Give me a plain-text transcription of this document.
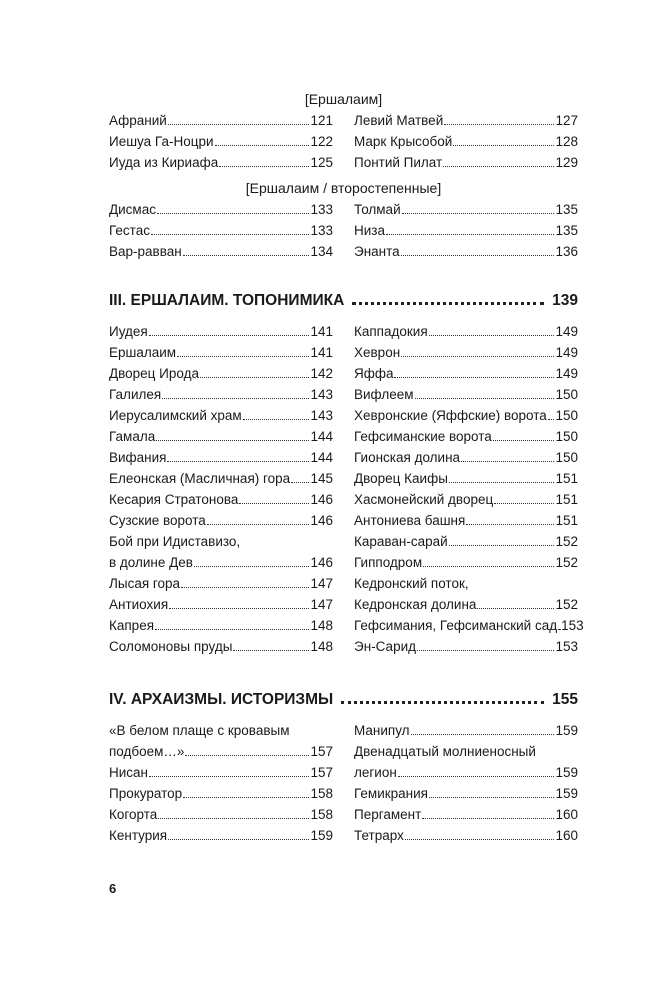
[Ершалаим]
Афраний	121
Иешуа Га-Ноцри	122
Иуда из Кириафа	125
Левий Матвей	127
Марк Крысобой	128
Понтий Пилат	129
[Ершалаим / второстепенные]
Дисмас	133
Гестас	133
Вар-равван	134
Толмай	135
Низа	135
Энанта	136
III. ЕРШАЛАИМ. ТОПОНИМИКА	139
Иудея	141
Ершалаим	141
Дворец Ирода	142
Галилея	143
Иерусалимский храм	143
Гамала	144
Вифания	144
Елеонская (Масличная) гора 145
Кесария Стратонова	146
Сузские ворота	146
Бой при Идиставизо,
в долине Дев	146
Лысая гора	147
Антиохия	147
Капрея	148
Соломоновы пруды	148
Каппадокия	149
Хеврон	149
Яффа	149
Вифлеем	150
Хевронские (Яффские) ворота 150
Гефсиманские ворота	150
Гионская долина	150
Дворец Каифы	151
Хасмонейский дворец	151
Антониева башня	151
Караван-сарай	152
Гипподром	152
Кедронский поток,
Кедронская долина	152
Гефсимания, Гефсиманский сад 153
Эн-Сарид	153
IV. АРХАИЗМЫ. ИСТОРИЗМЫ	155
«В белом плаще с кровавым
подбоем…»	157
Нисан	157
Прокуратор	158
Когорта	158
Кентурия	159
Манипул	159
Двенадцатый молниеносный
легион	159
Гемикрания	159
Пергамент	160
Тетрарх	160
6
